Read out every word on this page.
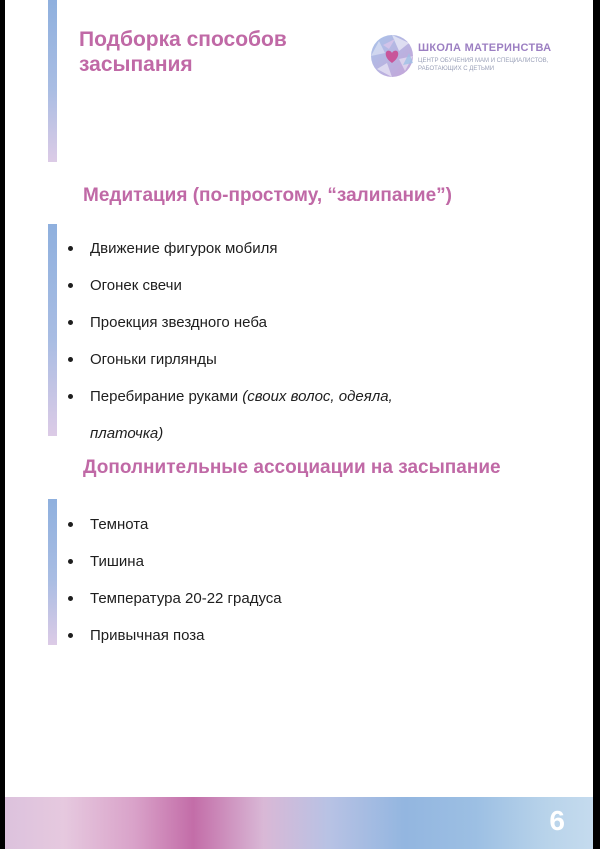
Подборка способов
засыпания
ШКОЛА МАТЕРИНСТВА
ЦЕНТР ОБУЧЕНИЯ МАМ И СПЕЦИАЛИСТОВ, РАБОТАЮЩИХ С ДЕТЬМИ
Медитация (по-простому, “залипание”)
Движение фигурок мобиля
Огонек свечи
Проекция звездного неба
Огоньки гирлянды
Перебирание руками (своих волос, одеяла, платочка)
Дополнительные ассоциации на засыпание
Темнота
Тишина
Температура 20-22 градуса
Привычная поза
6
